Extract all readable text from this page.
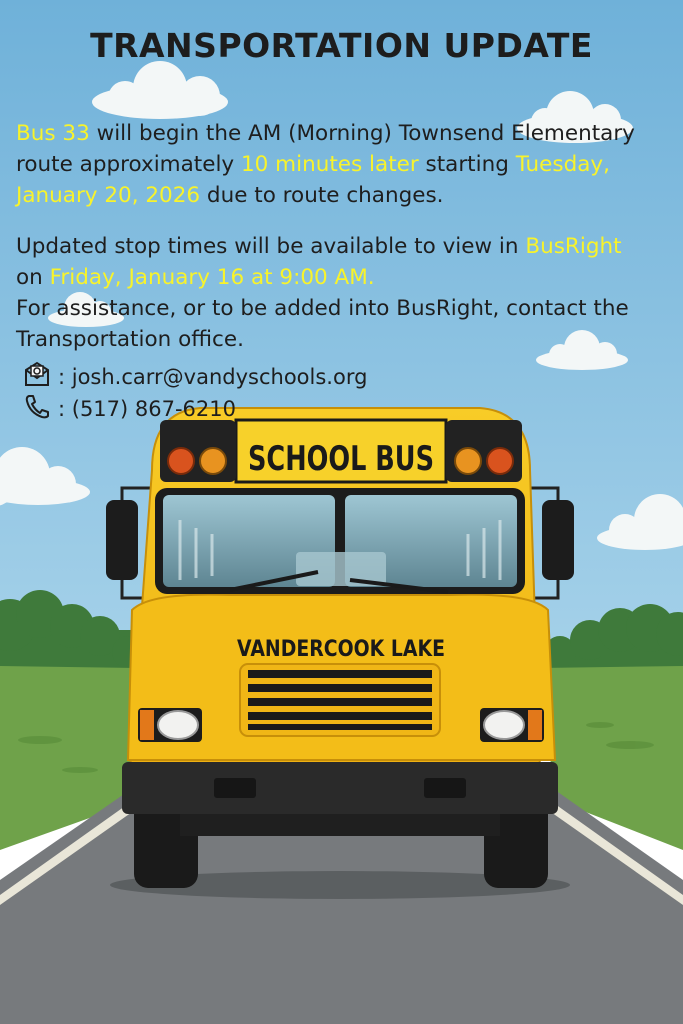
SCHOOL BUS
VANDERCOOK LAKE
TRANSPORTATION UPDATE
Bus 33 will begin the AM (Morning) Townsend Elementary route approximately 10 minutes later starting Tuesday, January 20, 2026 due to route changes.
Updated stop times will be available to view in BusRight
on Friday, January 16 at 9:00 AM.
For assistance, or to be added into BusRight, contact the Transportation office.
: josh.carr@vandyschools.org
: (517) 867-6210
